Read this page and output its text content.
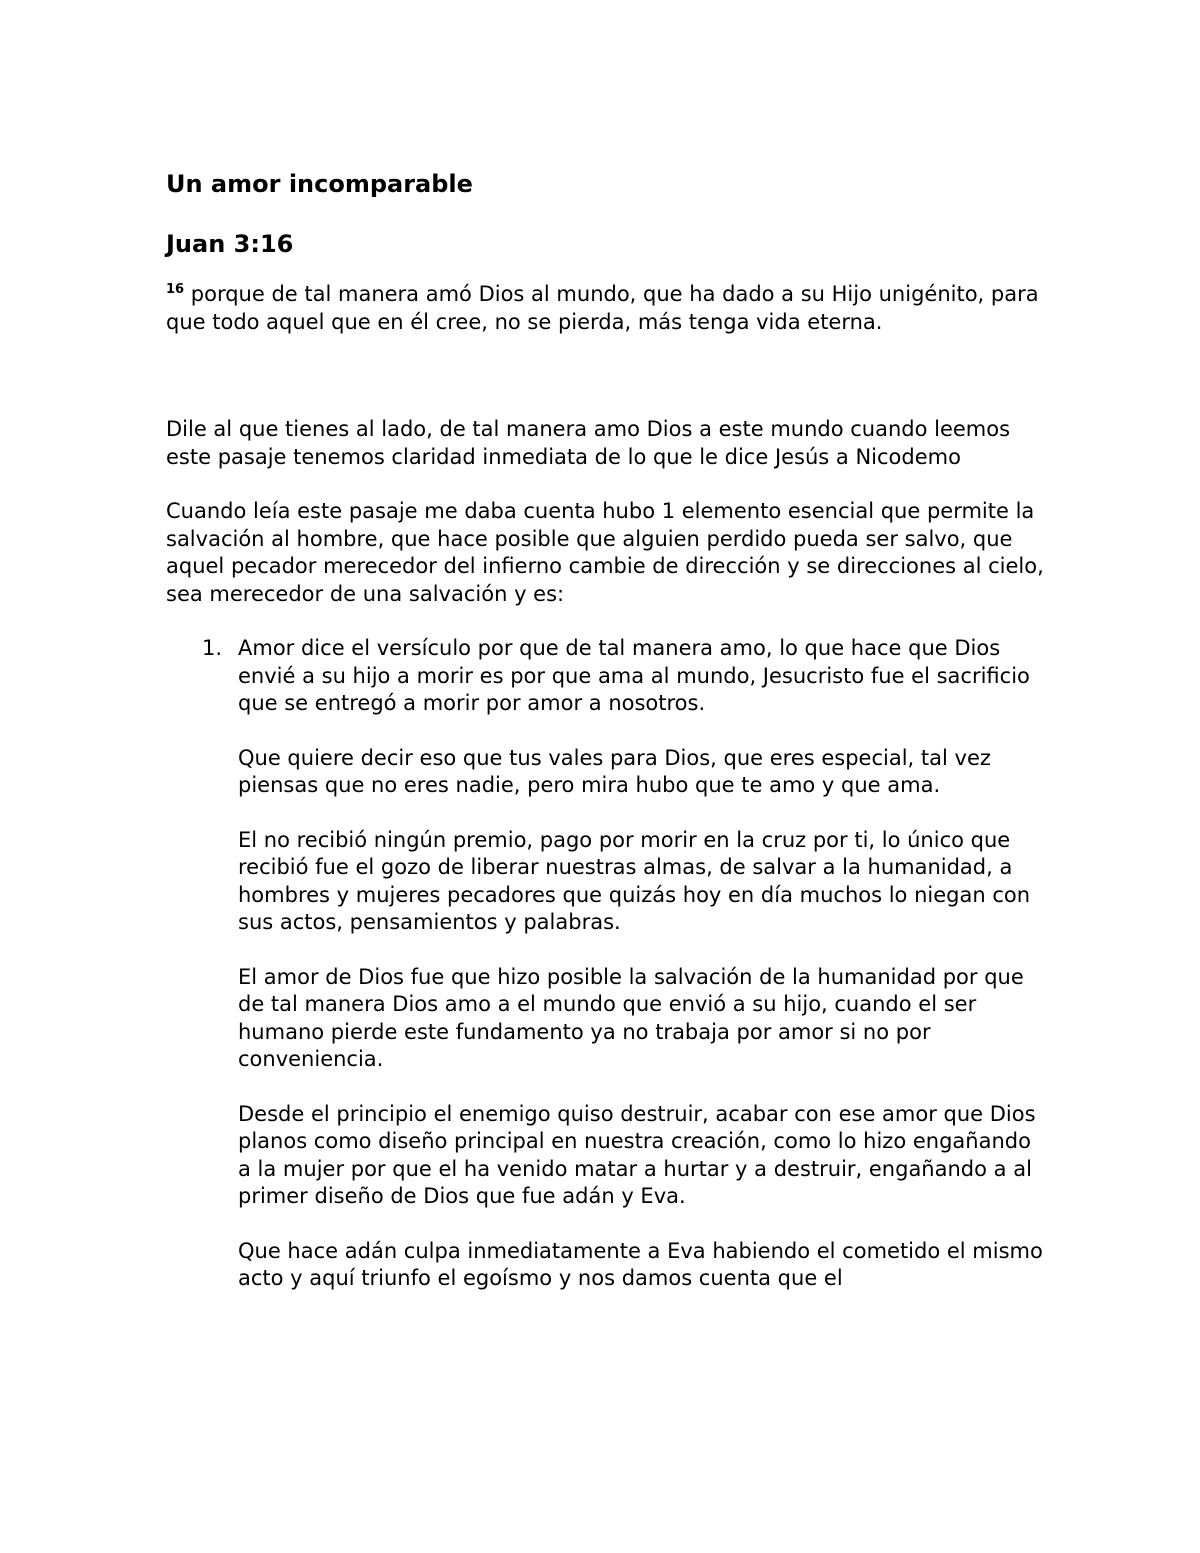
Un amor incomparable
Juan 3:16

$^{16}$ porque de tal manera amó Dios al mundo, que ha dado a su Hijo unigénito, para que todo aquel que en él cree, no se pierda, más tenga vida eterna.

Dile al que tienes al lado, de tal manera amo Dios a este mundo cuando leemos este pasaje tenemos claridad inmediata de lo que le dice Jesús a Nicodemo

Cuando leía este pasaje me daba cuenta hubo 1 elemento esencial que permite la salvación al hombre, que hace posible que alguien perdido pueda ser salvo, que aquel pecador merecedor del infierno cambie de dirección y se direcciones al cielo, sea merecedor de una salvación y es:

1. Amor dice el versículo por que de tal manera amo, lo que hace que Dios envié a su hijo a morir es por que ama al mundo, Jesucristo fue el sacrificio que se entregó a morir por amor a nosotros.

Que quiere decir eso que tus vales para Dios, que eres especial, tal vez piensas que no eres nadie, pero mira hubo que te amo y que ama.

El no recibió ningún premio, pago por morir en la cruz por ti, lo único que recibió fue el gozo de liberar nuestras almas, de salvar a la humanidad, a hombres y mujeres pecadores que quizás hoy en día muchos lo niegan con sus actos, pensamientos y palabras.

El amor de Dios fue que hizo posible la salvación de la humanidad por que de tal manera Dios amo a el mundo que envió a su hijo, cuando el ser humano pierde este fundamento ya no trabaja por amor si no por conveniencia.

Desde el principio el enemigo quiso destruir, acabar con ese amor que Dios planos como diseño principal en nuestra creación, como lo hizo engañando a la mujer por que el ha venido matar a hurtar y a destruir, engañando a al primer diseño de Dios que fue adán y Eva.

Que hace adán culpa inmediatamente a Eva habiendo el cometido el mismo acto y aquí triunfo el egoísmo y nos damos cuenta que el
